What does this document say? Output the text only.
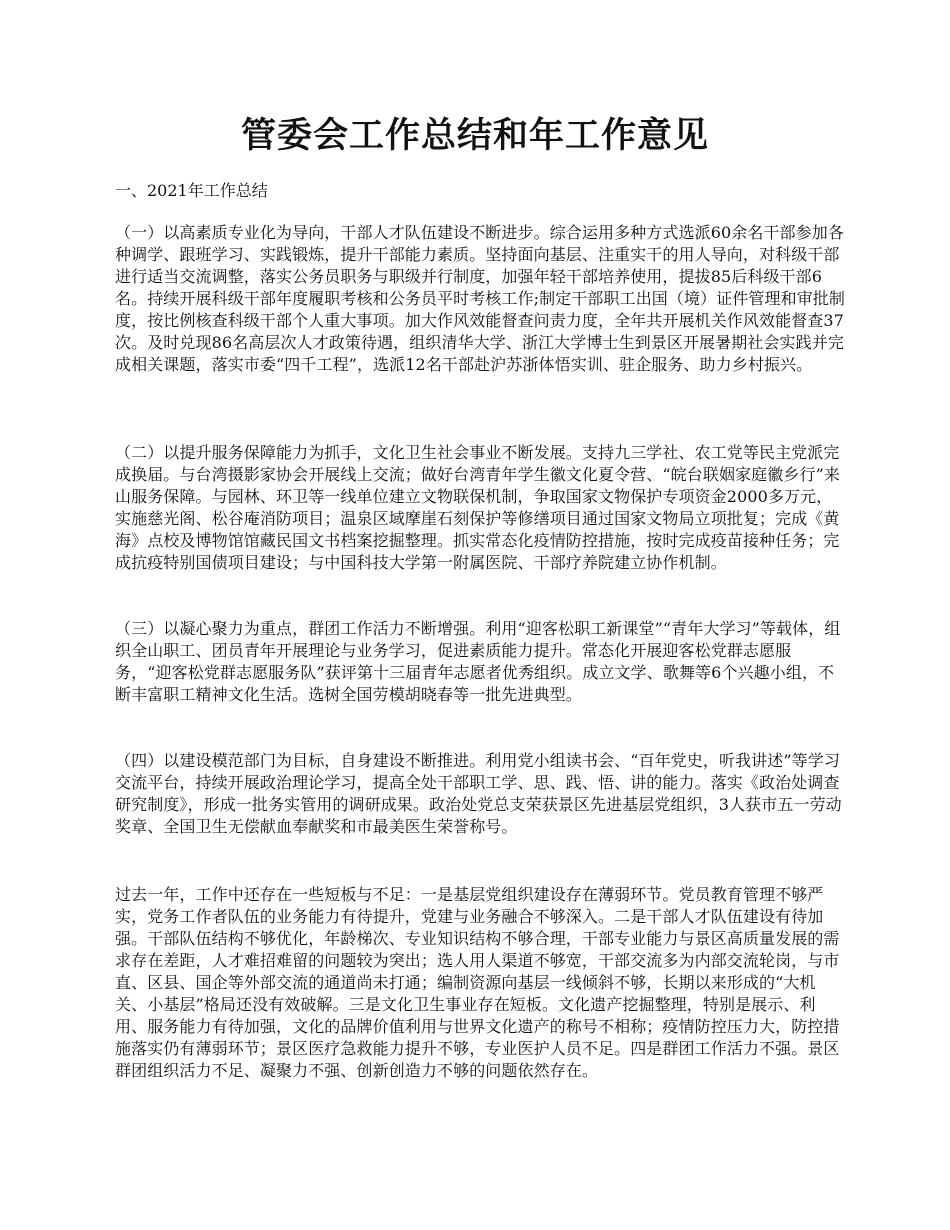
管委会工作总结和年工作意见

一、2021年工作总结

（一）以高素质专业化为导向，干部人才队伍建设不断进步。综合运用多种方式选派60余名干部参加各种调学、跟班学习、实践锻炼，提升干部能力素质。坚持面向基层、注重实干的用人导向，对科级干部进行适当交流调整，落实公务员职务与职级并行制度，加强年轻干部培养使用，提拔85后科级干部6名。持续开展科级干部年度履职考核和公务员平时考核工作;制定干部职工出国（境）证件管理和审批制度，按比例核查科级干部个人重大事项。加大作风效能督查问责力度，全年共开展机关作风效能督查37次。及时兑现86名高层次人才政策待遇，组织清华大学、浙江大学博士生到景区开展暑期社会实践并完成相关课题，落实市委“四千工程”，选派12名干部赴沪苏浙体悟实训、驻企服务、助力乡村振兴。

（二）以提升服务保障能力为抓手，文化卫生社会事业不断发展。支持九三学社、农工党等民主党派完成换届。与台湾摄影家协会开展线上交流；做好台湾青年学生徽文化夏令营、“皖台联姻家庭徽乡行”来山服务保障。与园林、环卫等一线单位建立文物联保机制，争取国家文物保护专项资金2000多万元，实施慈光阁、松谷庵消防项目；温泉区域摩崖石刻保护等修缮项目通过国家文物局立项批复；完成《黄海》点校及博物馆馆藏民国文书档案挖掘整理。抓实常态化疫情防控措施，按时完成疫苗接种任务；完成抗疫特别国债项目建设；与中国科技大学第一附属医院、干部疗养院建立协作机制。

（三）以凝心聚力为重点，群团工作活力不断增强。利用“迎客松职工新课堂”“青年大学习”等载体，组织全山职工、团员青年开展理论与业务学习，促进素质能力提升。常态化开展迎客松党群志愿服务，“迎客松党群志愿服务队”获评第十三届青年志愿者优秀组织。成立文学、歌舞等6个兴趣小组，不断丰富职工精神文化生活。选树全国劳模胡晓春等一批先进典型。

（四）以建设模范部门为目标，自身建设不断推进。利用党小组读书会、“百年党史，听我讲述”等学习交流平台，持续开展政治理论学习，提高全处干部职工学、思、践、悟、讲的能力。落实《政治处调查研究制度》，形成一批务实管用的调研成果。政治处党总支荣获景区先进基层党组织，3人获市五一劳动奖章、全国卫生无偿献血奉献奖和市最美医生荣誉称号。

过去一年，工作中还存在一些短板与不足：一是基层党组织建设存在薄弱环节。党员教育管理不够严实，党务工作者队伍的业务能力有待提升，党建与业务融合不够深入。二是干部人才队伍建设有待加强。干部队伍结构不够优化，年龄梯次、专业知识结构不够合理，干部专业能力与景区高质量发展的需求存在差距，人才难招难留的问题较为突出；选人用人渠道不够宽，干部交流多为内部交流轮岗，与市直、区县、国企等外部交流的通道尚未打通；编制资源向基层一线倾斜不够，长期以来形成的“大机关、小基层”格局还没有效破解。三是文化卫生事业存在短板。文化遗产挖掘整理，特别是展示、利用、服务能力有待加强，文化的品牌价值利用与世界文化遗产的称号不相称；疫情防控压力大，防控措施落实仍有薄弱环节；景区医疗急救能力提升不够，专业医护人员不足。四是群团工作活力不强。景区群团组织活力不足、凝聚力不强、创新创造力不够的问题依然存在。
